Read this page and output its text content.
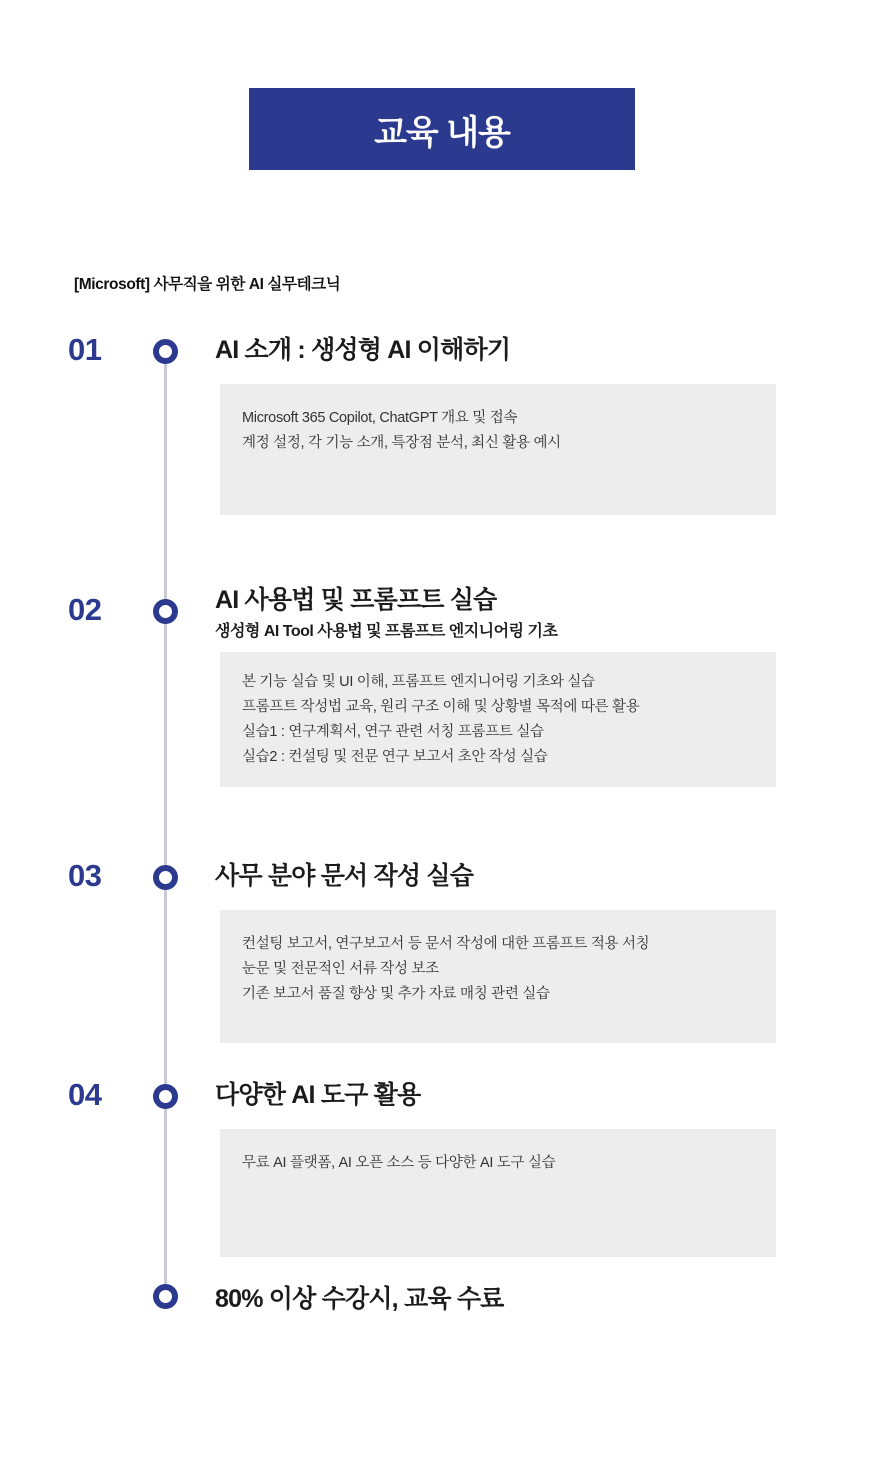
교육 내용
[Microsoft] 사무직을 위한 AI 실무테크닉
01	AI 소개 : 생성형 AI 이해하기
Microsoft 365 Copilot, ChatGPT 개요 및 접속
계정 설정, 각 기능 소개, 특장점 분석, 최신 활용 예시
02	AI 사용법 및 프롬프트 실습
생성형 AI Tool 사용법 및 프롬프트 엔지니어링 기초
본 기능 실습 및 UI 이해, 프롬프트 엔지니어링 기초와 실습
프롬프트 작성법 교육, 원리 구조 이해 및 상황별 목적에 따른 활용
실습1 : 연구계획서, 연구 관련 서칭 프롬프트 실습
실습2 : 컨설팅 및 전문 연구 보고서 초안 작성 실습
03	사무 분야 문서 작성 실습
컨설팅 보고서, 연구보고서 등 문서 작성에 대한 프롬프트 적용 서칭
눈문 및 전문적인 서류 작성 보조
기존 보고서 품질 향상 및 추가 자료 매칭 관련 실습
04	다양한 AI 도구 활용
무료 AI 플랫폼, AI 오픈 소스 등 다양한 AI 도구 실습
80% 이상 수강시, 교육 수료
